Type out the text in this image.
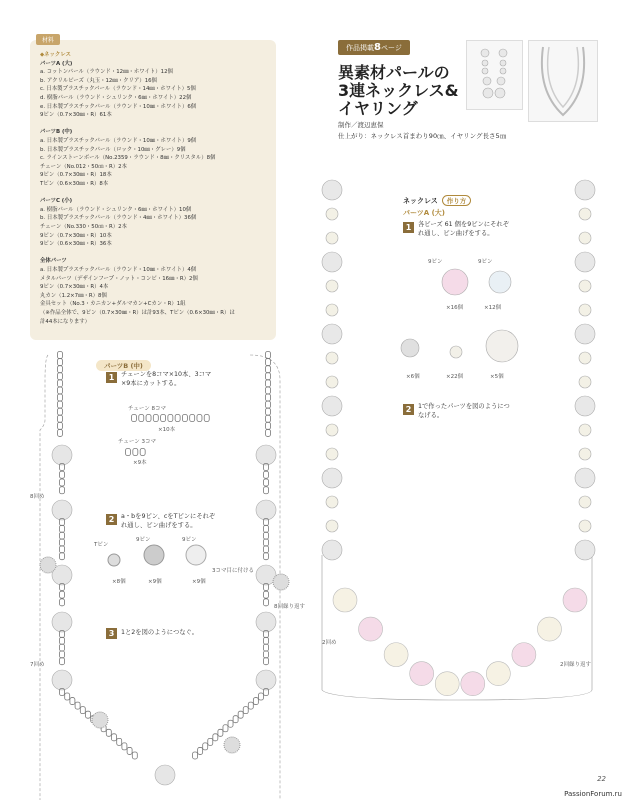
材料
◆ネックレス
パーツA (大)
a. コットンパール（ラウンド・12㎜・ホワイト）12個
b. アクリルビーズ（丸玉・12㎜・クリア）16個
c. 日本製プラスチックパール（ラウンド・14㎜・ホワイト）5個
d. 樹脂パール（ラウンド・シュリンク・6㎜・ホワイト）22個
e. 日本製プラスチックパール（ラウンド・10㎜・ホワイト）6個
9ピン（0.7×30㎜・R）61本
パーツB (中)
a. 日本製プラスチックパール（ラウンド・10㎜・ホワイト）9個
b. 日本製プラスチックパール（ロック・10㎜・グレー）9個
c. ラインストーンボール（No.2359・ラウンド・8㎜・クリスタル）8個
チェーン（No.012・50㎝・R）2本
9ピン（0.7×30㎜・R）18本
Tピン（0.6×30㎜・R）8本
パーツC (小)
a. 樹脂パール（ラウンド・シュリンク・6㎜・ホワイト）10個
b. 日本製プラスチックパール（ラウンド・4㎜・ホワイト）36個
チェーン（No.330・50㎝・R）2本
9ピン（0.7×30㎜・R）10本
9ピン（0.6×30㎜・R）36本
全体パーツ
a. 日本製プラスチックパール（ラウンド・10㎜・ホワイト）4個
メタルパーツ（デザインフープ・ノット・コンビ・16㎜・R）2個
9ピン（0.7×30㎜・R）4本
丸カン（1.2×7㎜・R）8個
金具セット（No.3・カニカン+ダルマカン+Cカン・R）1組
（※作品全体で、9ピン（0.7×30㎜・R）は計93本、Tピン（0.6×30㎜・R）は
計44本になります）
作品掲載8ページ
異素材パールの
3連ネックレス&
イヤリング
制作／渡辺恵保
仕上がり：ネックレス首まわり90㎝、イヤリング長さ5㎝
ネックレス 作り方
パーツA (大)
1	各ビーズ 61 個を9ピンにそれぞ
れ通し、ピン曲げをする。
2	1で作ったパーツを図のようにつ
なげる。
×16個	×12個
×6個	×22個	×5個
9ピン	9ピン
2回め
2回繰り返す
パーツB (中)
1	チェーンを8コマ×10本、3コマ
×9本にカットする。
チェーン 8コマ
×10本
チェーン 3コマ
×9本
2	a・bを9ピン、cをTピンにそれぞ
れ通し、ピン曲げをする。
Tピン
9ピン	9ピン
×8個	×9個	×9個
3	1と2を図のようにつなぐ。
8回め
7回め
3コマ目に付ける
8回繰り返す
22
PassionForum.ru
